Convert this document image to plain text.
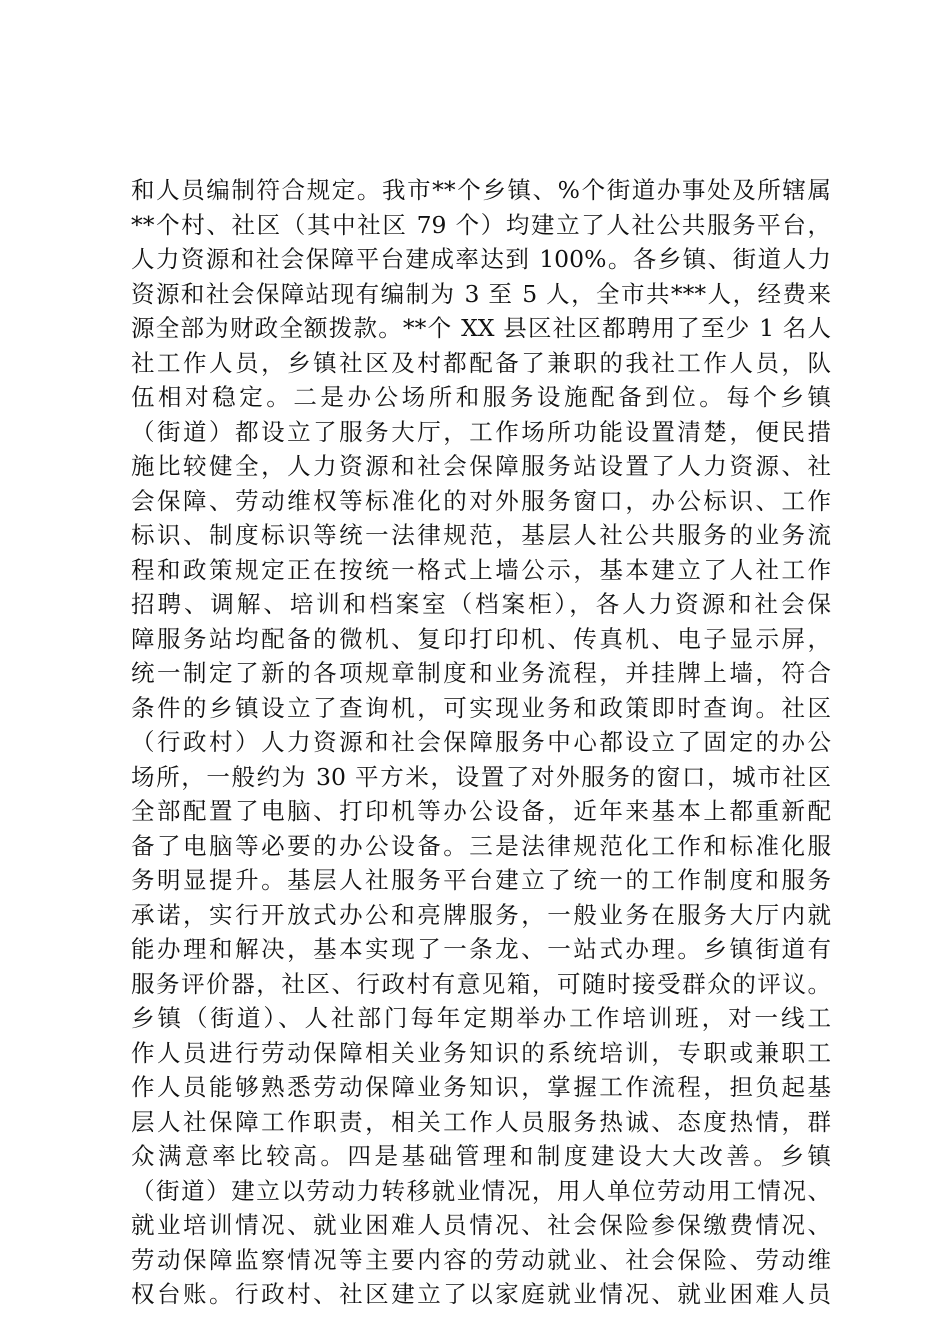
和人员编制符合规定。我市**个乡镇、%个街道办事处及所辖属
**个村、社区（其中社区 79 个）均建立了人社公共服务平台，
人力资源和社会保障平台建成率达到 100%。各乡镇、街道人力
资源和社会保障站现有编制为 3 至 5 人，全市共***人，经费来
源全部为财政全额拨款。**个 XX 县区社区都聘用了至少 1 名人
社工作人员，乡镇社区及村都配备了兼职的我社工作人员，队
伍相对稳定。二是办公场所和服务设施配备到位。每个乡镇
（街道）都设立了服务大厅，工作场所功能设置清楚，便民措
施比较健全，人力资源和社会保障服务站设置了人力资源、社
会保障、劳动维权等标准化的对外服务窗口，办公标识、工作
标识、制度标识等统一法律规范，基层人社公共服务的业务流
程和政策规定正在按统一格式上墙公示，基本建立了人社工作
招聘、调解、培训和档案室（档案柜），各人力资源和社会保
障服务站均配备的微机、复印打印机、传真机、电子显示屏，
统一制定了新的各项规章制度和业务流程，并挂牌上墙，符合
条件的乡镇设立了查询机，可实现业务和政策即时查询。社区
（行政村）人力资源和社会保障服务中心都设立了固定的办公
场所，一般约为 30 平方米，设置了对外服务的窗口，城市社区
全部配置了电脑、打印机等办公设备，近年来基本上都重新配
备了电脑等必要的办公设备。三是法律规范化工作和标准化服
务明显提升。基层人社服务平台建立了统一的工作制度和服务
承诺，实行开放式办公和亮牌服务，一般业务在服务大厅内就
能办理和解决，基本实现了一条龙、一站式办理。乡镇街道有
服务评价器，社区、行政村有意见箱，可随时接受群众的评议。
乡镇（街道）、人社部门每年定期举办工作培训班，对一线工
作人员进行劳动保障相关业务知识的系统培训，专职或兼职工
作人员能够熟悉劳动保障业务知识，掌握工作流程，担负起基
层人社保障工作职责，相关工作人员服务热诚、态度热情，群
众满意率比较高。四是基础管理和制度建设大大改善。乡镇
（街道）建立以劳动力转移就业情况，用人单位劳动用工情况、
就业培训情况、就业困难人员情况、社会保险参保缴费情况、
劳动保障监察情况等主要内容的劳动就业、社会保险、劳动维
权台账。行政村、社区建立了以家庭就业情况、就业困难人员
